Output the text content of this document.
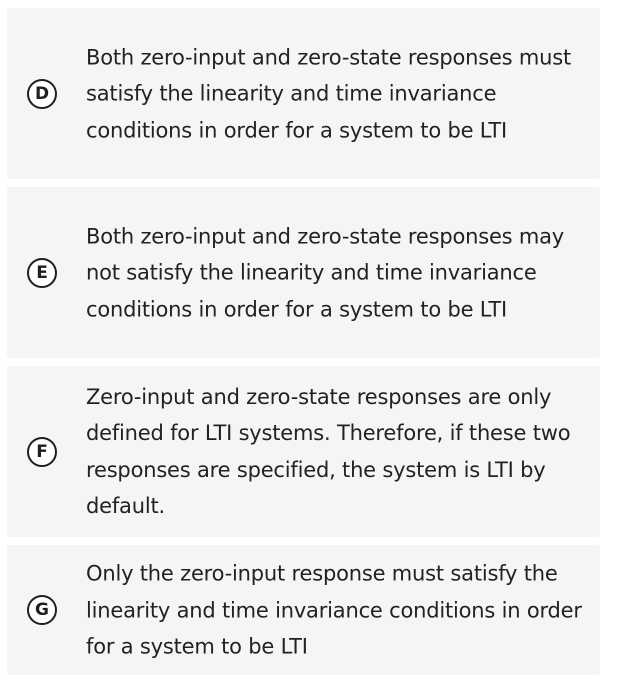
D
Both zero-input and zero-state responses must satisfy the linearity and time invariance conditions in order for a system to be LTI
E
Both zero-input and zero-state responses may not satisfy the linearity and time invariance conditions in order for a system to be LTI
F
Zero-input and zero-state responses are only defined for LTI systems. Therefore, if these two responses are specified, the system is LTI by default.
G
Only the zero-input response must satisfy the linearity and time invariance conditions in order for a system to be LTI
